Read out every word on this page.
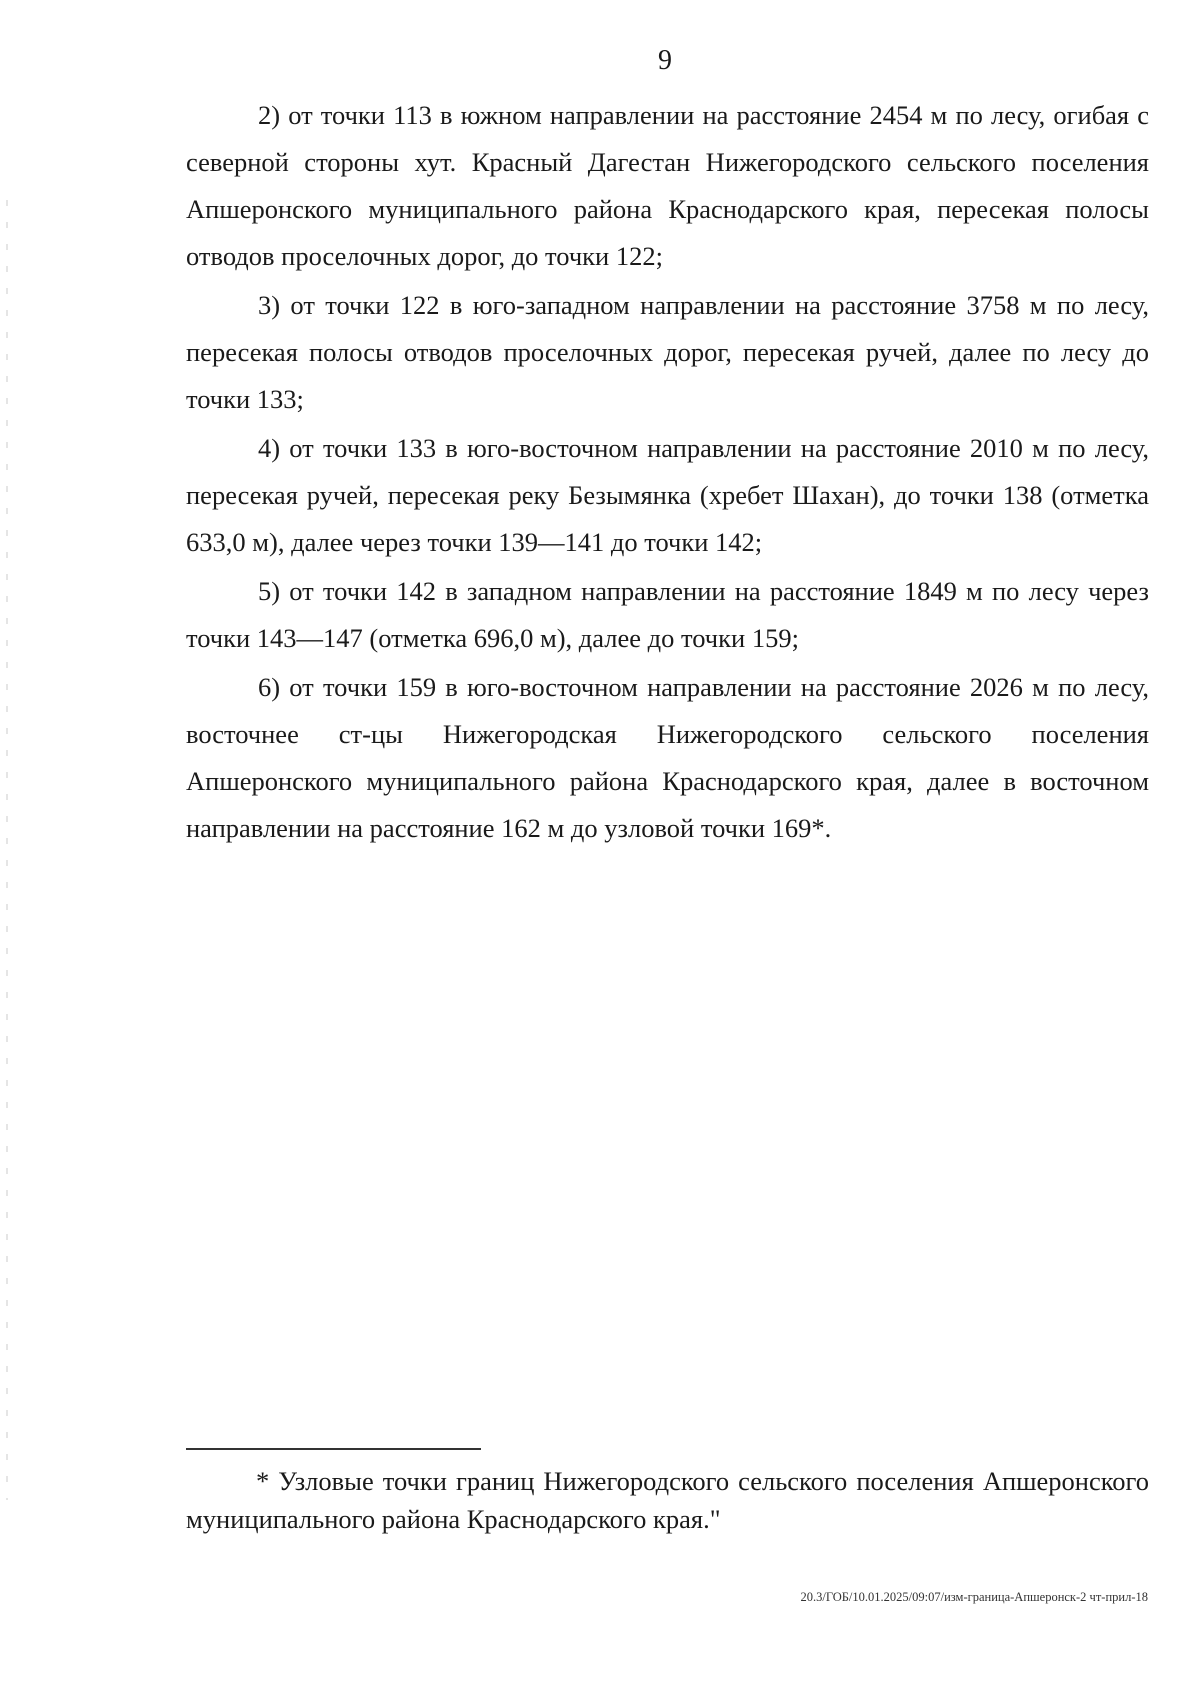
9

2) от точки 113 в южном направлении на расстояние 2454 м по лесу, огибая с северной стороны хут. Красный Дагестан Нижегородского сельского поселения Апшеронского муниципального района Краснодарского края, пересекая полосы отводов проселочных дорог, до точки 122;

3) от точки 122 в юго-западном направлении на расстояние 3758 м по лесу, пересекая полосы отводов проселочных дорог, пересекая ручей, далее по лесу до точки 133;

4) от точки 133 в юго-восточном направлении на расстояние 2010 м по лесу, пересекая ручей, пересекая реку Безымянка (хребет Шахан), до точки 138 (отметка 633,0 м), далее через точки 139—141 до точки 142;

5) от точки 142 в западном направлении на расстояние 1849 м по лесу через точки 143—147 (отметка 696,0 м), далее до точки 159;

6) от точки 159 в юго-восточном направлении на расстояние 2026 м по лесу, восточнее ст-цы Нижегородская Нижегородского сельского поселения Апшеронского муниципального района Краснодарского края, далее в восточном направлении на расстояние 162 м до узловой точки 169*.

* Узловые точки границ Нижегородского сельского поселения Апшеронского муниципального района Краснодарского края."

20.3/ГОБ/10.01.2025/09:07/изм-граница-Апшеронск-2 чт-прил-18
